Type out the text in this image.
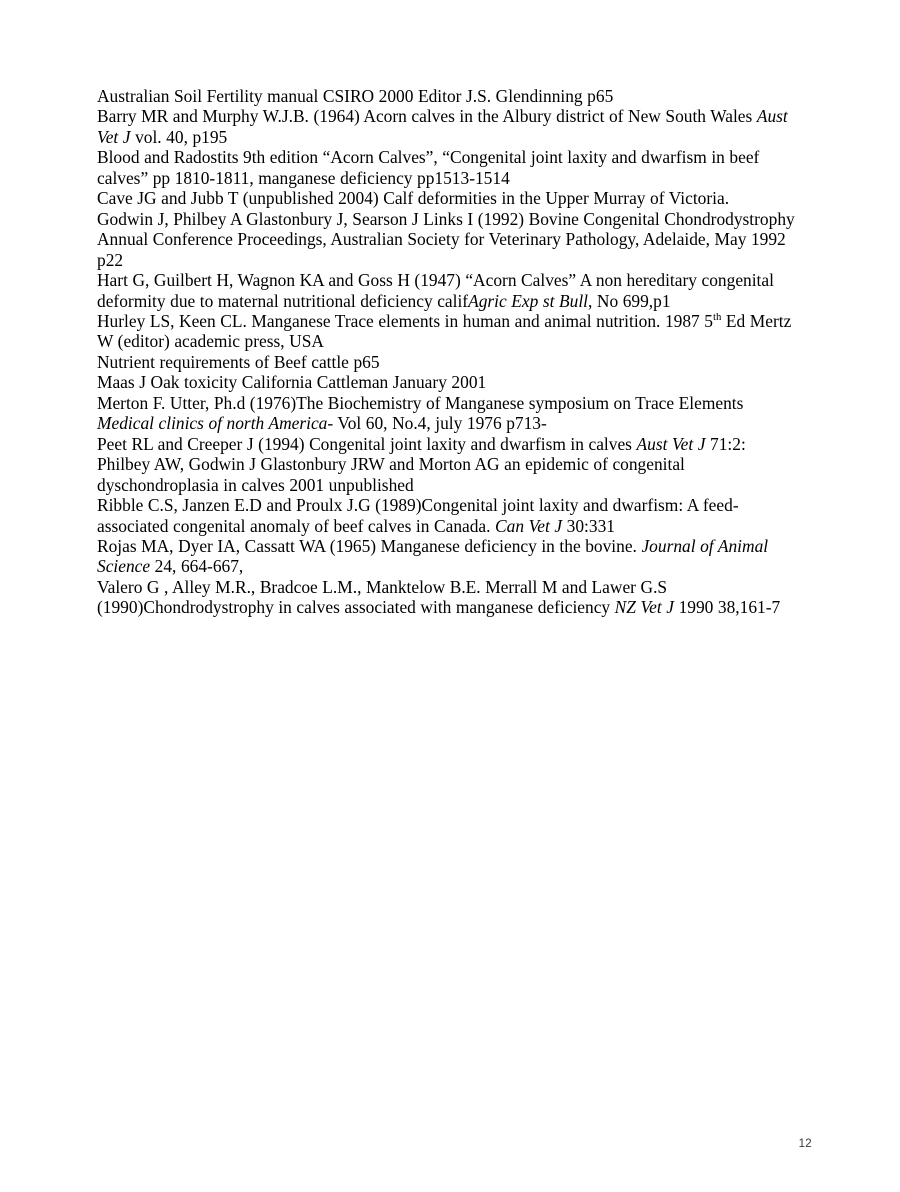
Australian Soil Fertility manual CSIRO 2000 Editor J.S. Glendinning p65

Barry MR and Murphy W.J.B. (1964) Acorn calves in the Albury district of New South Wales Aust Vet J vol. 40, p195

Blood and Radostits 9th edition “Acorn Calves”, “Congenital joint laxity and dwarfism in beef calves” pp 1810-1811, manganese deficiency pp1513-1514

Cave JG and Jubb T (unpublished 2004) Calf deformities in the Upper Murray of Victoria.

Godwin J, Philbey A Glastonbury J, Searson J Links I (1992) Bovine Congenital Chondrodystrophy Annual Conference Proceedings, Australian Society for Veterinary Pathology, Adelaide, May 1992 p22

Hart G, Guilbert H, Wagnon KA and Goss H (1947) “Acorn Calves” A non hereditary congenital deformity due to maternal nutritional deficiency califAgric Exp st Bull, No 699,p1

Hurley LS, Keen CL. Manganese Trace elements in human and animal nutrition. 1987 5th Ed Mertz W (editor) academic press, USA

Nutrient requirements of Beef cattle p65

Maas J Oak toxicity California Cattleman January 2001

Merton F. Utter, Ph.d (1976)The Biochemistry of Manganese symposium on Trace Elements Medical clinics of north America- Vol 60, No.4, july 1976 p713-

Peet RL and Creeper J (1994) Congenital joint laxity and dwarfism in calves Aust Vet J 71:2:

Philbey AW, Godwin J Glastonbury JRW and Morton AG an epidemic of congenital dyschondroplasia in calves 2001 unpublished

Ribble C.S, Janzen E.D and Proulx J.G (1989)Congenital joint laxity and dwarfism: A feed- associated congenital anomaly of beef calves in Canada. Can Vet J 30:331

Rojas MA, Dyer IA, Cassatt WA (1965) Manganese deficiency in the bovine. Journal of Animal Science 24, 664-667,

Valero G , Alley M.R., Bradcoe L.M., Manktelow B.E. Merrall M and Lawer G.S (1990)Chondrodystrophy in calves associated with manganese deficiency NZ Vet J 1990 38,161-7

12
